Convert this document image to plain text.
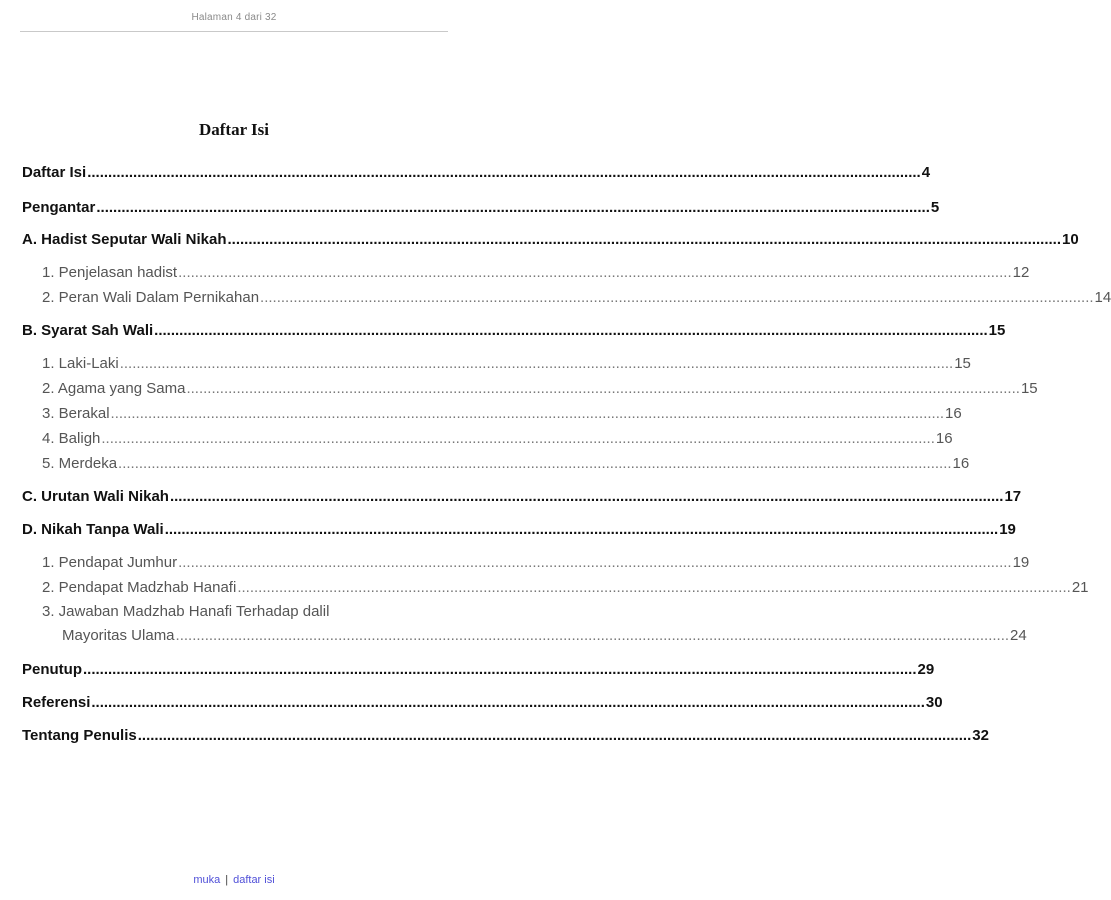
Halaman 4 dari 32
Daftar Isi
Daftar Isi ........................................................................................................................................................................................................ 4
Pengantar ........................................................................................................................................................................................................ 5
A. Hadist Seputar Wali Nikah ........................................................................................................................................................................................................ 10
1. Penjelasan hadist ........................................................................................................................................................................................................ 12
2. Peran Wali Dalam Pernikahan ........................................................................................................................................................................................................ 14
B. Syarat Sah Wali ........................................................................................................................................................................................................ 15
1. Laki-Laki ........................................................................................................................................................................................................ 15
2. Agama yang Sama ........................................................................................................................................................................................................ 15
3. Berakal ........................................................................................................................................................................................................ 16
4. Baligh ........................................................................................................................................................................................................ 16
5. Merdeka ........................................................................................................................................................................................................ 16
C. Urutan Wali Nikah ........................................................................................................................................................................................................ 17
D. Nikah Tanpa Wali ........................................................................................................................................................................................................ 19
1. Pendapat Jumhur ........................................................................................................................................................................................................ 19
2. Pendapat Madzhab Hanafi ........................................................................................................................................................................................................ 21
3. Jawaban Madzhab Hanafi Terhadap dalil
Mayoritas Ulama ........................................................................................................................................................................................................ 24
Penutup ........................................................................................................................................................................................................ 29
Referensi ........................................................................................................................................................................................................ 30
Tentang Penulis ........................................................................................................................................................................................................ 32
muka | daftar isi
